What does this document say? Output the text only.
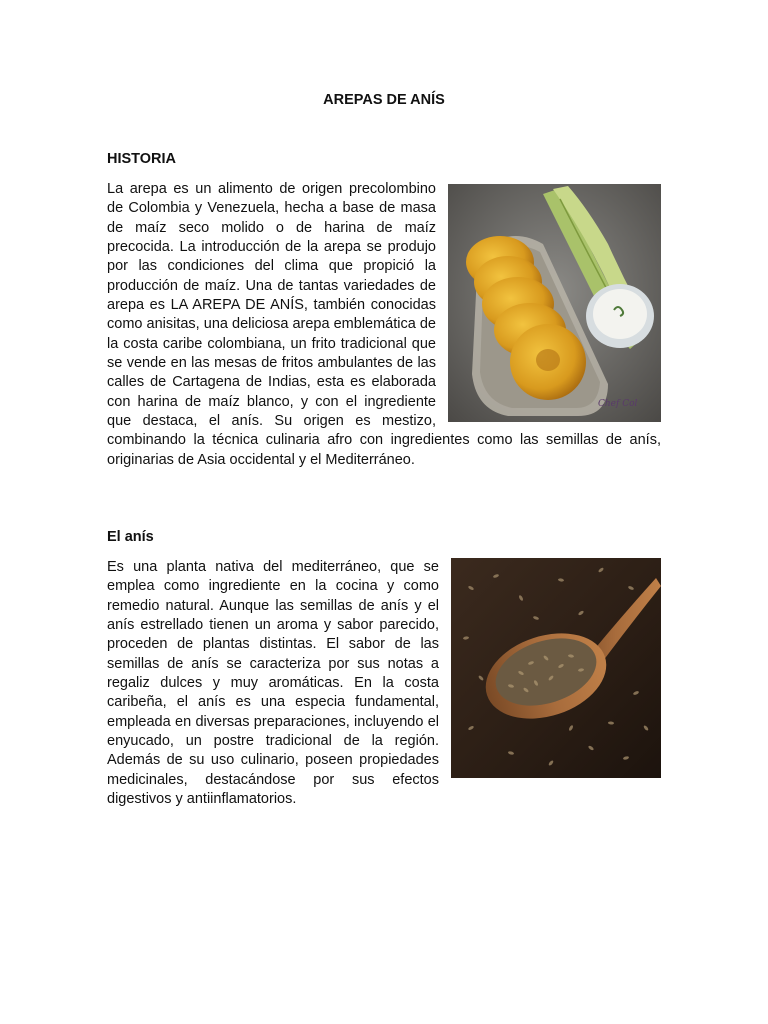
AREPAS DE ANÍS
HISTORIA
Chef Col
La arepa es un alimento de origen precolombino de Colombia y Venezuela, hecha a base de masa de maíz seco molido o de harina de maíz precocida. La introducción de la arepa se produjo por las condiciones del clima que propició la producción de maíz. Una de tantas variedades de arepa es LA AREPA DE ANÍS, también conocidas como anisitas, una deliciosa arepa emblemática de la costa caribe colombiana, un frito tradicional que se vende en las mesas de fritos ambulantes de las calles de Cartagena de Indias, esta es elaborada con harina de maíz blanco, y con el ingrediente que destaca, el anís. Su origen es mestizo, combinando la técnica culinaria afro con ingredientes como las semillas de anís, originarias de Asia occidental y el Mediterráneo.
El anís
Es una planta nativa del mediterráneo, que se emplea como ingrediente en la cocina y como remedio natural. Aunque las semillas de anís y el anís estrellado tienen un aroma y sabor parecido, proceden de plantas distintas. El sabor de las semillas de anís se caracteriza por sus notas a regaliz dulces y muy aromáticas. En la costa caribeña, el anís es una especia fundamental, empleada en diversas preparaciones, incluyendo el enyucado, un postre tradicional de la región. Además de su uso culinario, poseen propiedades medicinales, destacándose por sus efectos digestivos y antiinflamatorios.
